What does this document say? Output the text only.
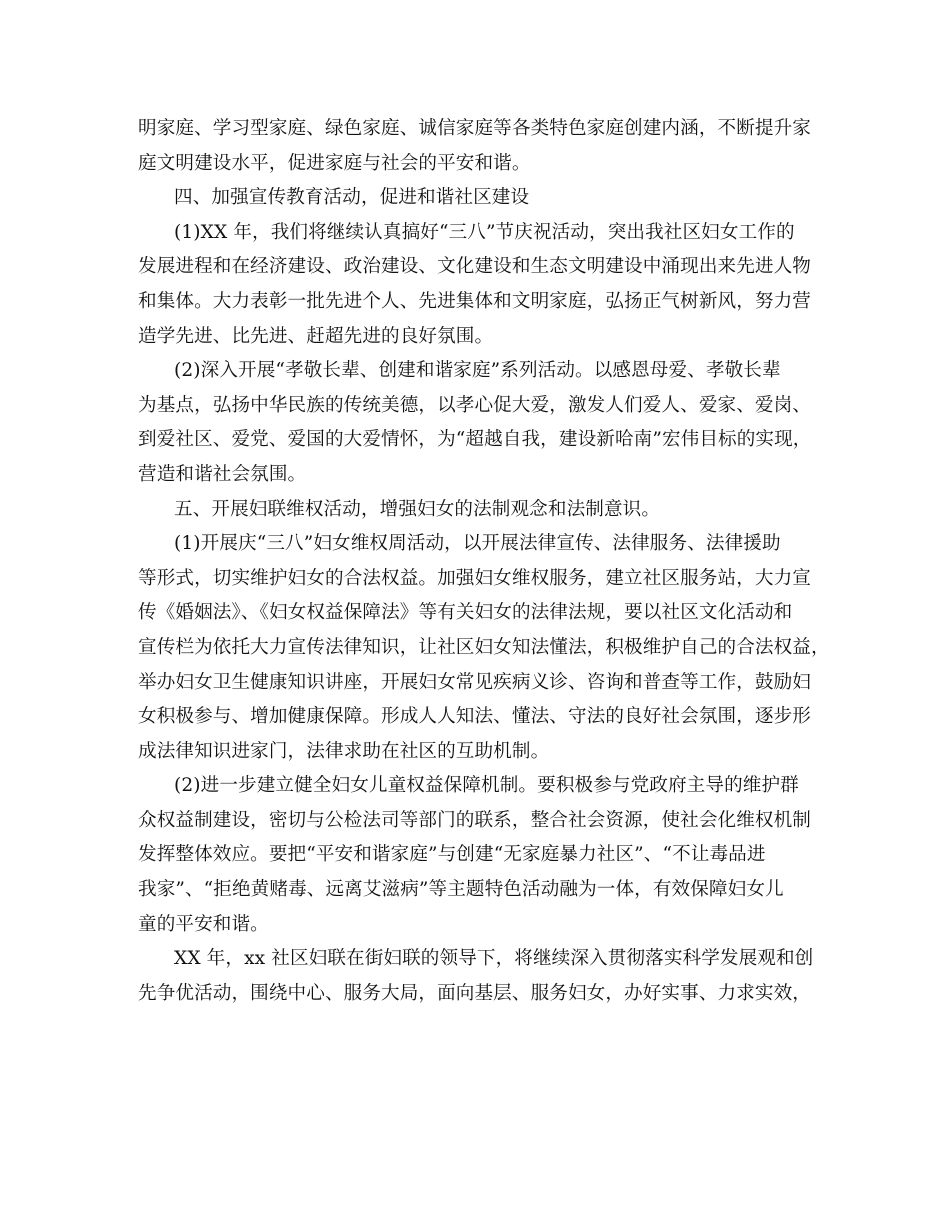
明家庭、学习型家庭、绿色家庭、诚信家庭等各类特色家庭创建内涵，不断提升家
庭文明建设水平，促进家庭与社会的平安和谐。
四、加强宣传教育活动，促进和谐社区建设
(1)XX 年，我们将继续认真搞好“三八”节庆祝活动，突出我社区妇女工作的
发展进程和在经济建设、政治建设、文化建设和生态文明建设中涌现出来先进人物
和集体。大力表彰一批先进个人、先进集体和文明家庭，弘扬正气树新风，努力营
造学先进、比先进、赶超先进的良好氛围。
(2)深入开展“孝敬长辈、创建和谐家庭”系列活动。以感恩母爱、孝敬长辈
为基点，弘扬中华民族的传统美德，以孝心促大爱，激发人们爱人、爱家、爱岗、
到爱社区、爱党、爱国的大爱情怀，为“超越自我，建设新哈南”宏伟目标的实现，
营造和谐社会氛围。
五、开展妇联维权活动，增强妇女的法制观念和法制意识。
(1)开展庆“三八”妇女维权周活动，以开展法律宣传、法律服务、法律援助
等形式，切实维护妇女的合法权益。加强妇女维权服务，建立社区服务站，大力宣
传《婚姻法》、《妇女权益保障法》等有关妇女的法律法规，要以社区文化活动和
宣传栏为依托大力宣传法律知识，让社区妇女知法懂法，积极维护自己的合法权益，
举办妇女卫生健康知识讲座，开展妇女常见疾病义诊、咨询和普查等工作，鼓励妇
女积极参与、增加健康保障。形成人人知法、懂法、守法的良好社会氛围，逐步形
成法律知识进家门，法律求助在社区的互助机制。
(2)进一步建立健全妇女儿童权益保障机制。要积极参与党政府主导的维护群
众权益制建设，密切与公检法司等部门的联系，整合社会资源，使社会化维权机制
发挥整体效应。要把“平安和谐家庭”与创建“无家庭暴力社区”、“不让毒品进
我家”、“拒绝黄赌毒、远离艾滋病”等主题特色活动融为一体，有效保障妇女儿
童的平安和谐。
XX 年，xx 社区妇联在街妇联的领导下，将继续深入贯彻落实科学发展观和创
先争优活动，围绕中心、服务大局，面向基层、服务妇女，办好实事、力求实效，
